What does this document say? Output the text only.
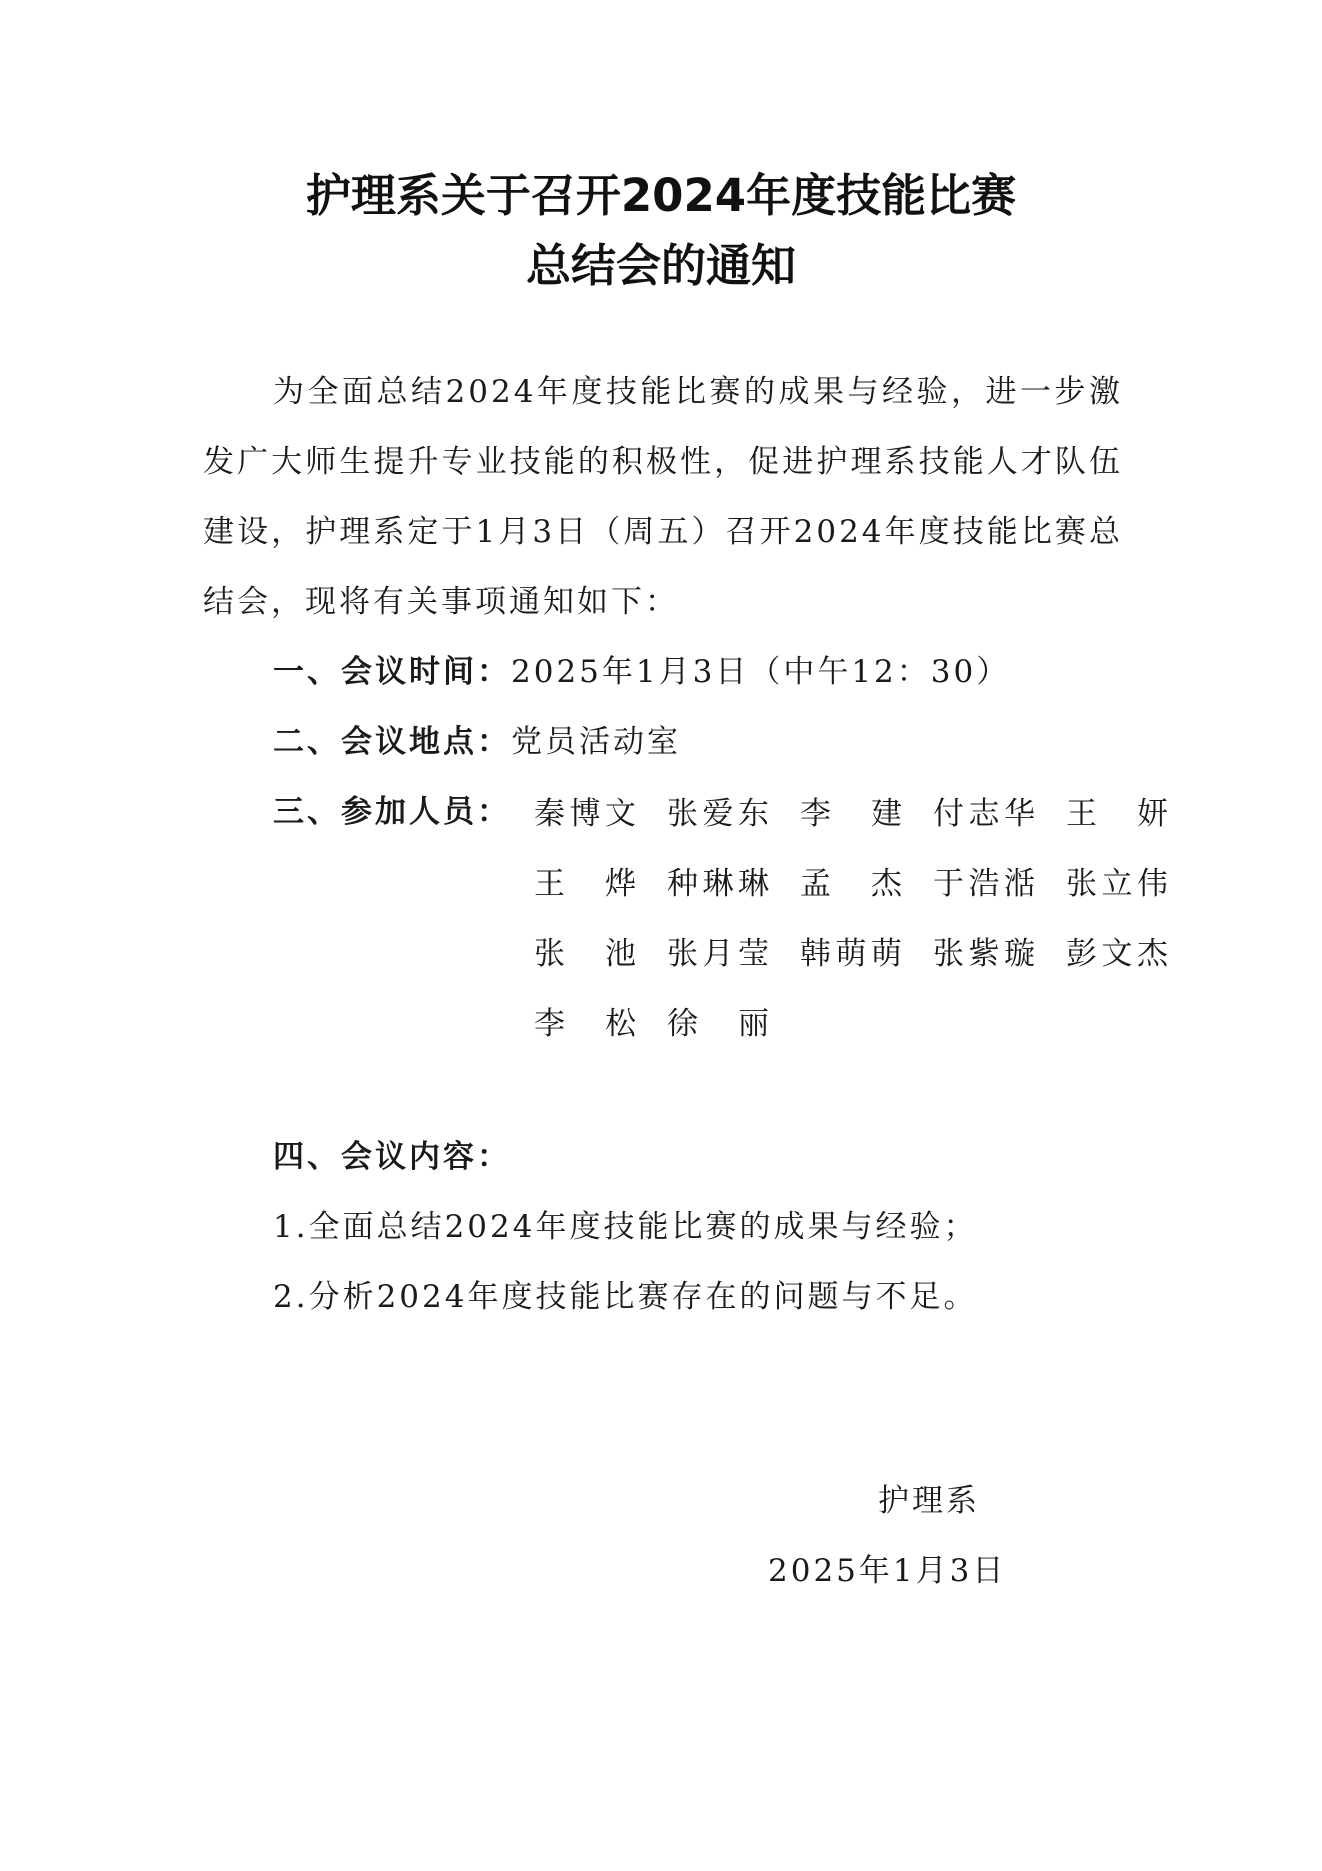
护理系关于召开2024年度技能比赛
总结会的通知
为全面总结2024年度技能比赛的成果与经验，进一步激发广大师生提升专业技能的积极性，促进护理系技能人才队伍建设，护理系定于1月3日（周五）召开2024年度技能比赛总结会，现将有关事项通知如下：
一、会议时间：2025年1月3日（中午12：30）
二、会议地点：党员活动室
三、参加人员： 秦 博 文 张 爱 东 李 建 付 志 华 王 妍
王 烨 种 琳 琳 孟 杰 于 浩 湉 张 立 伟
张 池 张 月 莹 韩 萌 萌 张 紫 璇 彭 文 杰
李 松 徐 丽
四、会议内容：
1.全面总结2024年度技能比赛的成果与经验；
2.分析2024年度技能比赛存在的问题与不足。
护理系
2025年1月3日
